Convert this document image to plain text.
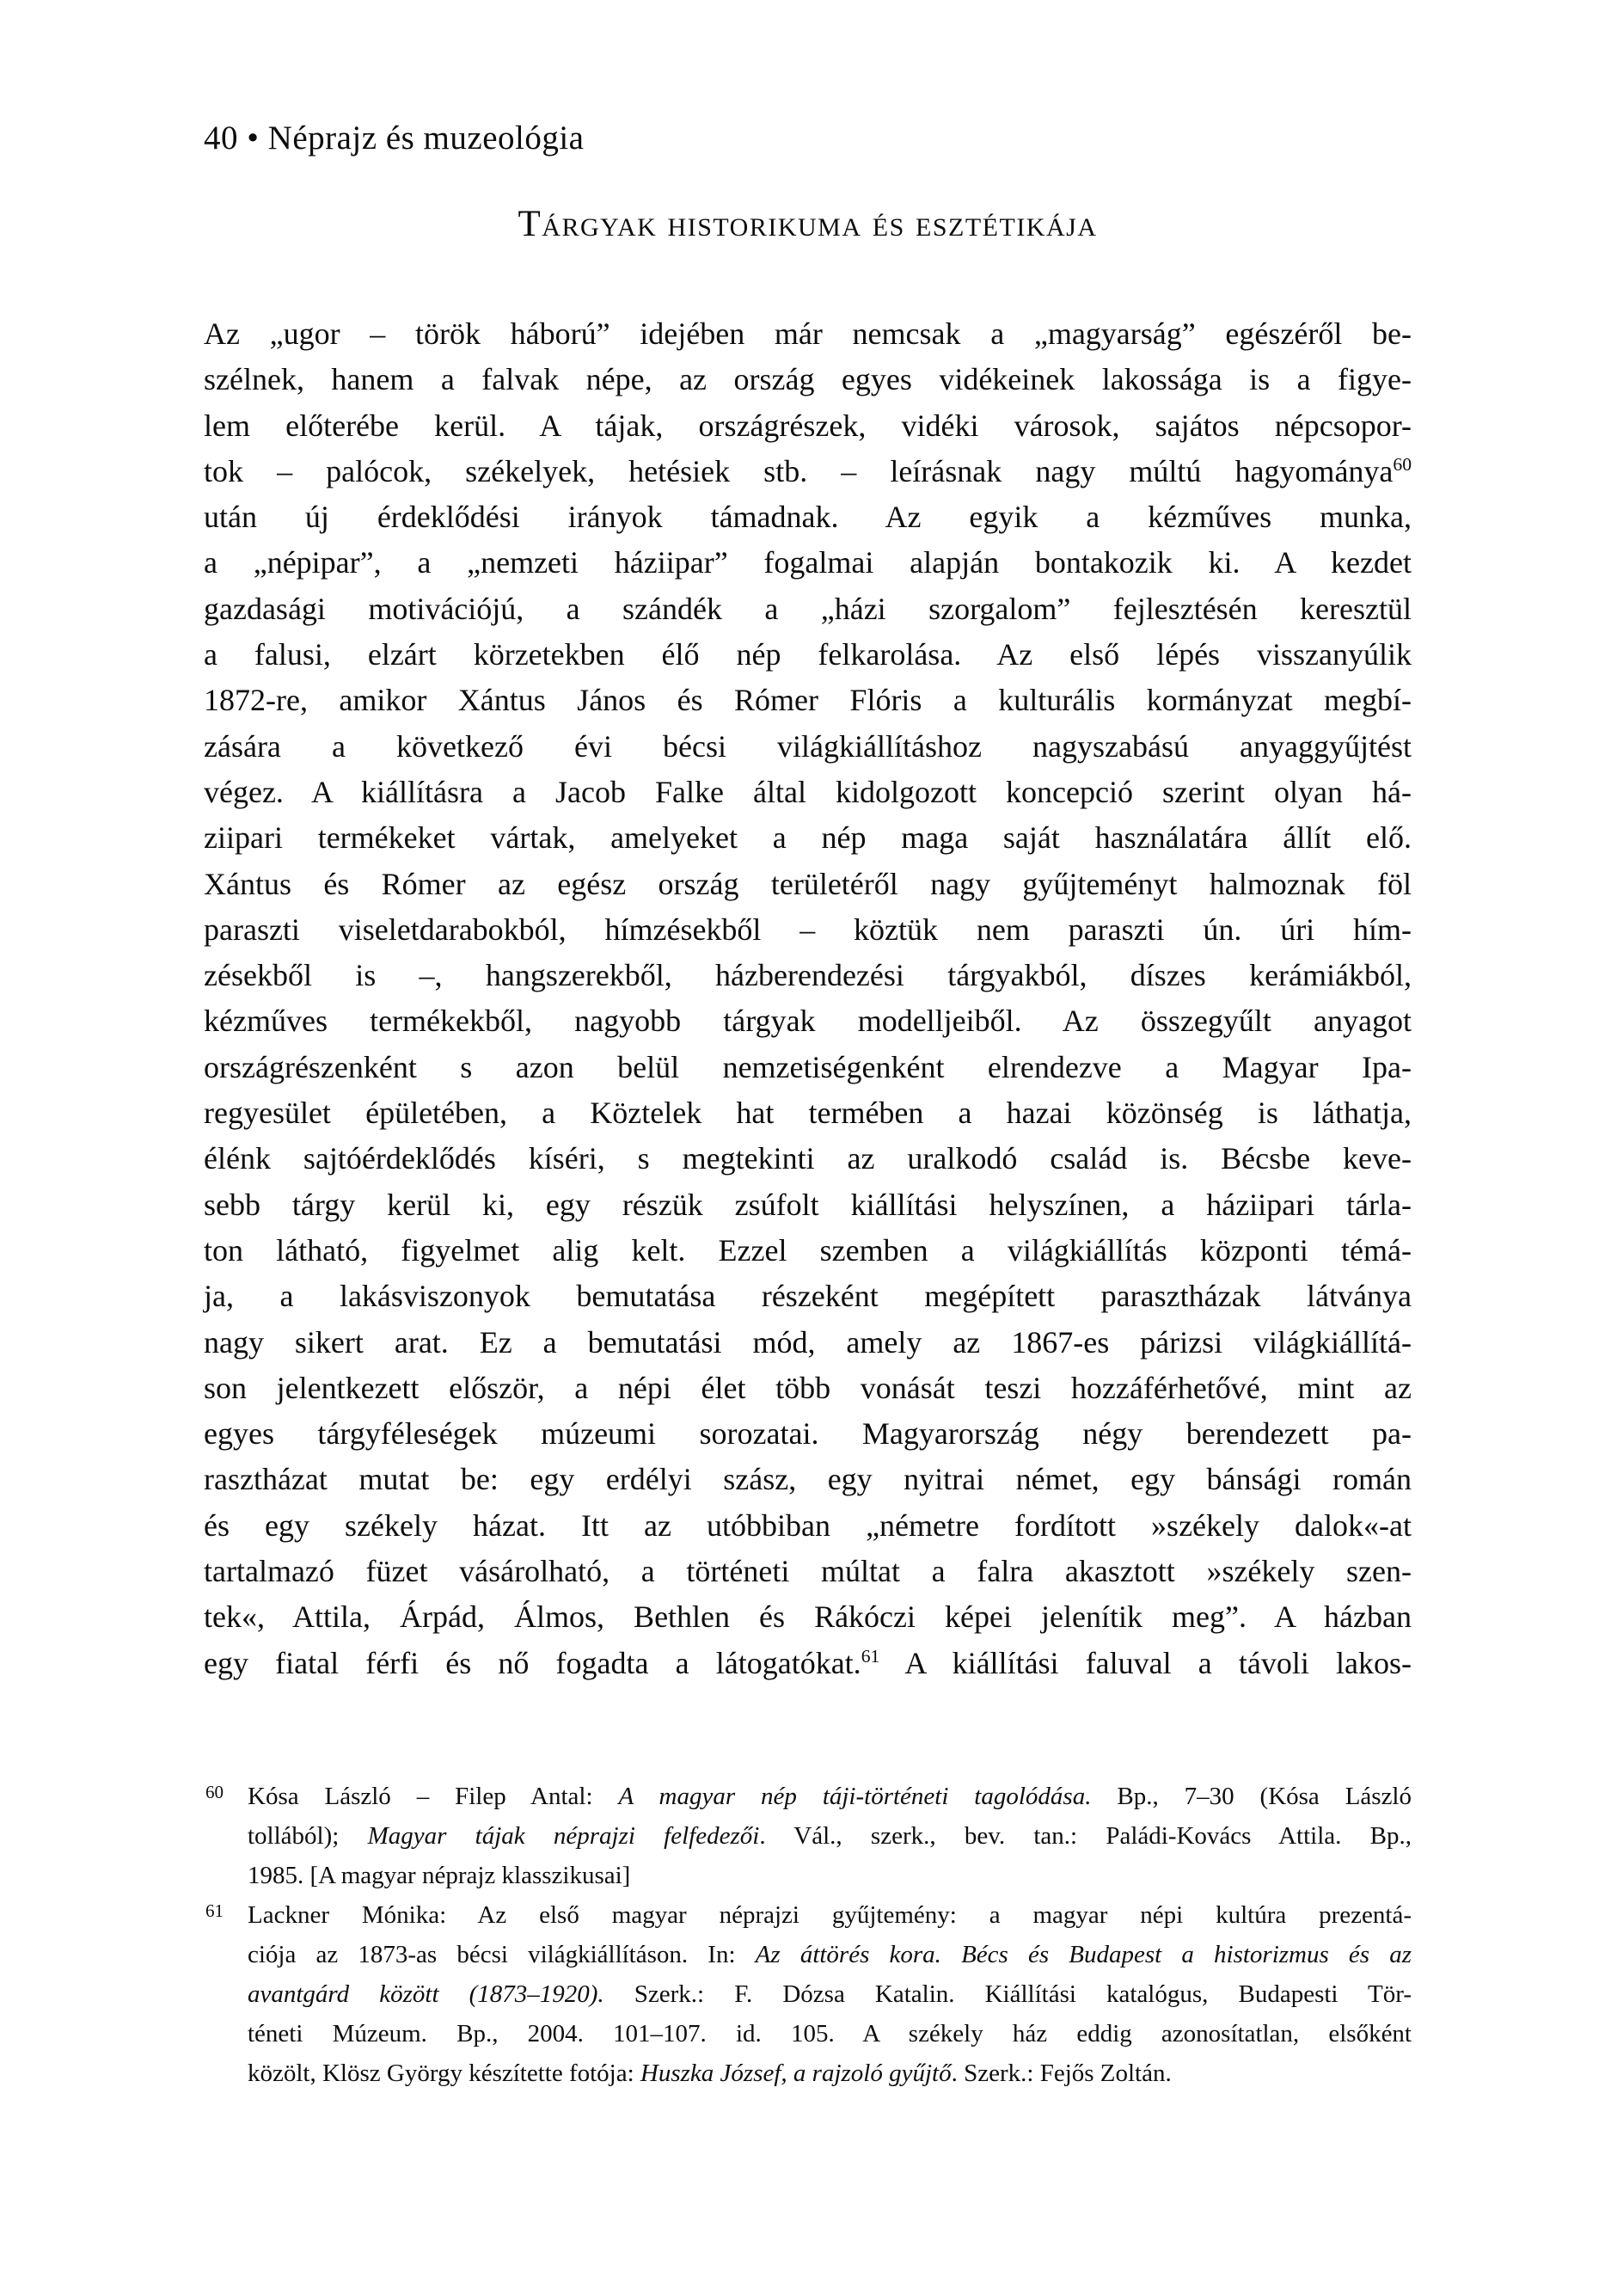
40 • Néprajz és muzeológia
Tárgyak historikuma és esztétikája
Az „ugor – török háború” idejében már nemcsak a „magyarság” egészéről be-
szélnek, hanem a falvak népe, az ország egyes vidékeinek lakossága is a figye-
lem előterébe kerül. A tájak, országrészek, vidéki városok, sajátos népcsopor-
tok – palócok, székelyek, hetésiek stb. – leírásnak nagy múltú hagyománya$^{60}$
után új érdeklődési irányok támadnak. Az egyik a kézműves munka,
a „népipar”, a „nemzeti háziipar” fogalmai alapján bontakozik ki. A kezdet
gazdasági motivációjú, a szándék a „házi szorgalom” fejlesztésén keresztül
a falusi, elzárt körzetekben élő nép felkarolása. Az első lépés visszanyúlik
1872-re, amikor Xántus János és Rómer Flóris a kulturális kormányzat megbí-
zására a következő évi bécsi világkiállításhoz nagyszabású anyaggyűjtést
végez. A kiállításra a Jacob Falke által kidolgozott koncepció szerint olyan há-
ziipari termékeket vártak, amelyeket a nép maga saját használatára állít elő.
Xántus és Rómer az egész ország területéről nagy gyűjteményt halmoznak föl
paraszti viseletdarabokból, hímzésekből – köztük nem paraszti ún. úri hím-
zésekből is –, hangszerekből, házberendezési tárgyakból, díszes kerámiákból,
kézműves termékekből, nagyobb tárgyak modelljeiből. Az összegyűlt anyagot
országrészenként s azon belül nemzetiségenként elrendezve a Magyar Ipa-
regyesület épületében, a Köztelek hat termében a hazai közönség is láthatja,
élénk sajtóérdeklődés kíséri, s megtekinti az uralkodó család is. Bécsbe keve-
sebb tárgy kerül ki, egy részük zsúfolt kiállítási helyszínen, a háziipari tárla-
ton látható, figyelmet alig kelt. Ezzel szemben a világkiállítás központi témá-
ja, a lakásviszonyok bemutatása részeként megépített parasztházak látványa
nagy sikert arat. Ez a bemutatási mód, amely az 1867-es párizsi világkiállítá-
son jelentkezett először, a népi élet több vonását teszi hozzáférhetővé, mint az
egyes tárgyféleségek múzeumi sorozatai. Magyarország négy berendezett pa-
rasztházat mutat be: egy erdélyi szász, egy nyitrai német, egy bánsági román
és egy székely házat. Itt az utóbbiban „németre fordított »székely dalok«-at
tartalmazó füzet vásárolható, a történeti múltat a falra akasztott »székely szen-
tek«, Attila, Árpád, Álmos, Bethlen és Rákóczi képei jelenítik meg”. A házban
egy fiatal férfi és nő fogadta a látogatókat.$^{61}$ A kiállítási faluval a távoli lakos-
60 Kósa László – Filep Antal: A magyar nép táji-történeti tagolódása. Bp., 7–30 (Kósa László
tollából); Magyar tájak néprajzi felfedezői. Vál., szerk., bev. tan.: Paládi-Kovács Attila. Bp.,
1985. [A magyar néprajz klasszikusai]
61 Lackner Mónika: Az első magyar néprajzi gyűjtemény: a magyar népi kultúra prezentá-
ciója az 1873-as bécsi világkiállításon. In: Az áttörés kora. Bécs és Budapest a historizmus és az
avantgárd között (1873–1920). Szerk.: F. Dózsa Katalin. Kiállítási katalógus, Budapesti Tör-
téneti Múzeum. Bp., 2004. 101–107. id. 105. A székely ház eddig azonosítatlan, elsőként
közölt, Klösz György készítette fotója: Huszka József, a rajzoló gyűjtő. Szerk.: Fejős Zoltán.
